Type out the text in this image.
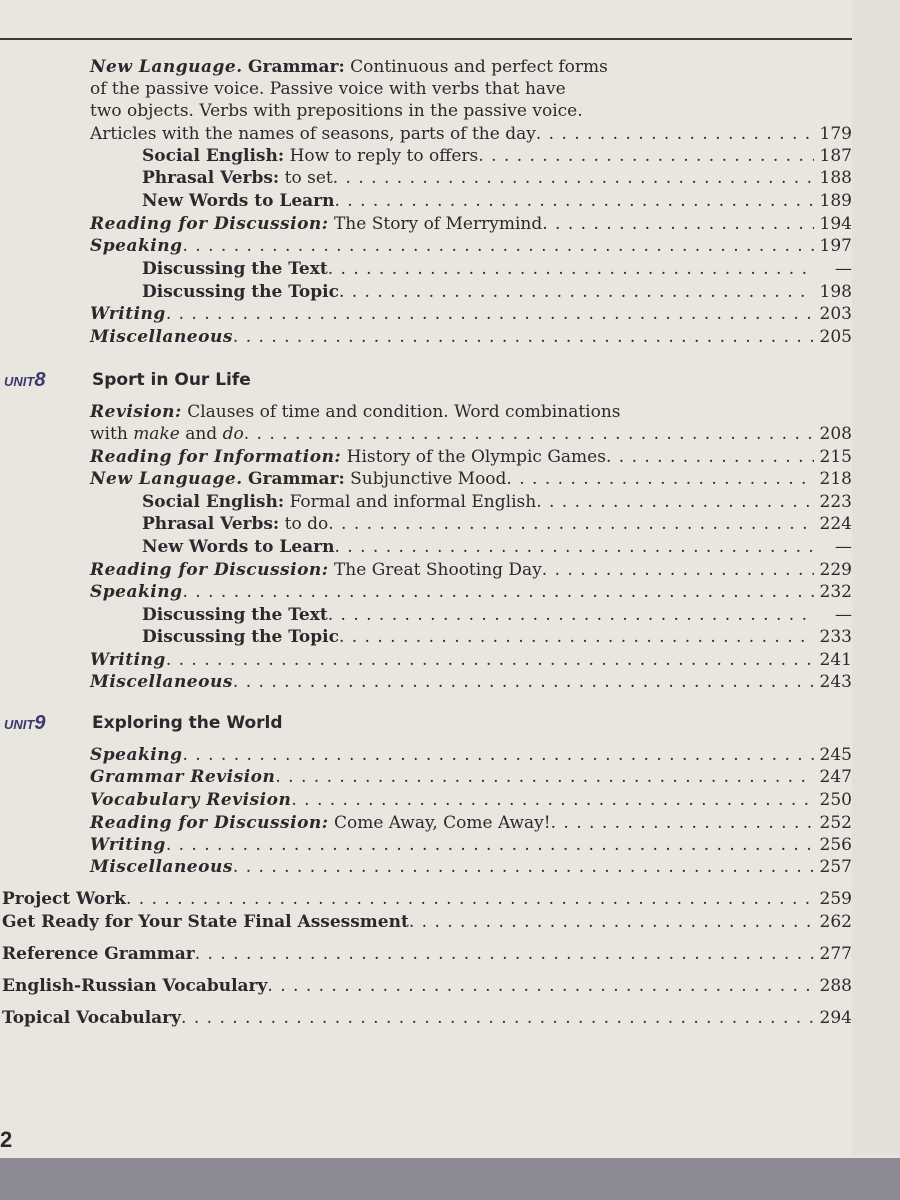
New Language. Grammar: Continuous and perfect forms
of the passive voice. Passive voice with verbs that have
two objects. Verbs with prepositions in the passive voice.
Articles with the names of seasons, parts of the day . . .	179
Social English: How to reply to offers . . .	187
Phrasal Verbs: to set . . .	188
New Words to Learn . . .	189
Reading for Discussion: The Story of Merrymind . . .	194
Speaking . . .	197
Discussing the Text . . .	—
Discussing the Topic . . .	198
Writing . . .	203
Miscellaneous . . .	205
UNIT8	Sport in Our Life
Revision: Clauses of time and condition. Word combinations
with make and do . . .	208
Reading for Information: History of the Olympic Games . . .	215
New Language. Grammar: Subjunctive Mood . . .	218
Social English: Formal and informal English . . .	223
Phrasal Verbs: to do . . .	224
New Words to Learn . . .	—
Reading for Discussion: The Great Shooting Day . . .	229
Speaking . . .	232
Discussing the Text . . .	—
Discussing the Topic . . .	233
Writing . . .	241
Miscellaneous . . .	243
UNIT9	Exploring the World
Speaking . . .	245
Grammar Revision . . .	247
Vocabulary Revision . . .	250
Reading for Discussion: Come Away, Come Away! . . .	252
Writing . . .	256
Miscellaneous . . .	257
Project Work . . .	259
Get Ready for Your State Final Assessment . . .	262
Reference Grammar . . .	277
English-Russian Vocabulary . . .	288
Topical Vocabulary . . .	294
2
